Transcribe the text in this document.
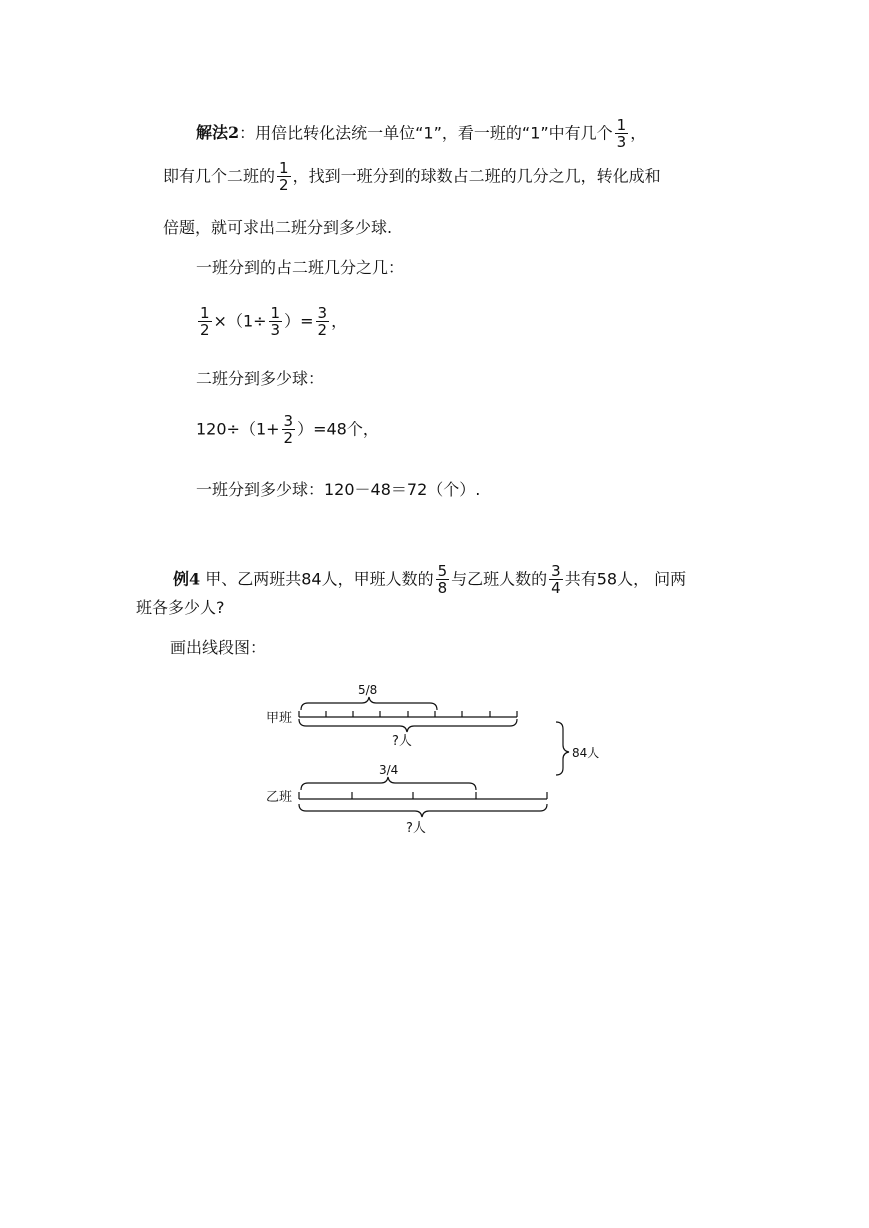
解法2：用倍比转化法统一单位“1”，看一班的“1”中有几个 $\frac{1}{3}$ ，
即有几个二班的 $\frac{1}{2}$ ，找到一班分到的球数占二班的几分之几，转化成和
倍题，就可求出二班分到多少球.
一班分到的占二班几分之几：
$\frac{1}{2} \times(1\div \frac{1}{3}$ ）= $\frac{3}{2}$ ，
二班分到多少球：
$120\div(1+ \frac{3}{2} )=48$个，
一班分到多少球：120－48＝72（个）.
例4 甲、乙两班共84人，甲班人数的 $\frac{5}{8}$ 与乙班人数的 $\frac{3}{4}$ 共有58人， 问两
班各多少人?
画出线段图：
5/8
甲班
?人
3/4
乙班
?人
84人
